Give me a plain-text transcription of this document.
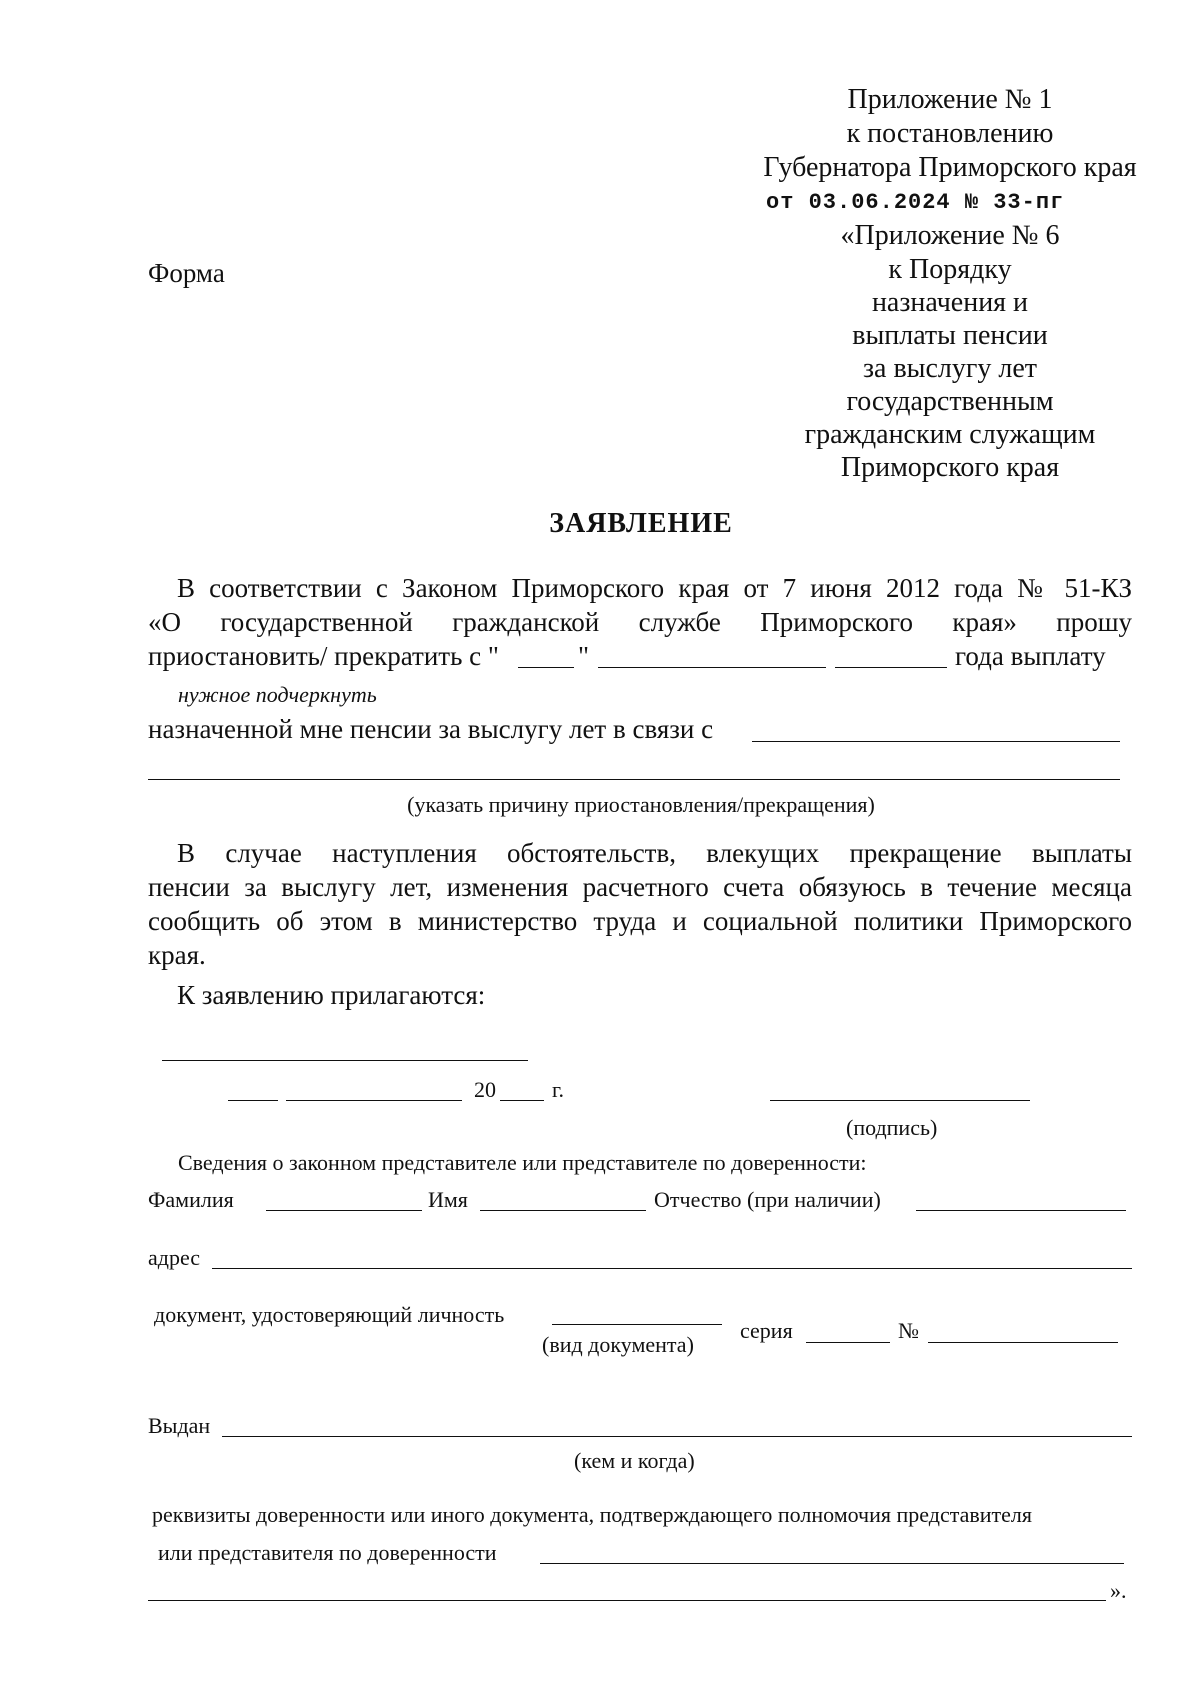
Приложение № 1
к постановлению
Губернатора Приморского края
от 03.06.2024 № 33-пг
«Приложение № 6
к Порядку
назначения и
выплаты пенсии
за выслугу лет
государственным
гражданским служащим
Приморского края
Форма
ЗАЯВЛЕНИЕ
В соответствии с Законом Приморского края от 7 июня 2012 года № 51-КЗ
«О государственной гражданской службе Приморского края» прошу
приостановить/ прекратить с "	"	года выплату
нужное подчеркнуть
назначенной мне пенсии за выслугу лет в связи с
(указать причину приостановления/прекращения)
В случае наступления обстоятельств, влекущих прекращение выплаты
пенсии за выслугу лет, изменения расчетного счета обязуюсь в течение месяца
сообщить об этом в министерство труда и социальной политики Приморского
края.
К заявлению прилагаются:
20	г.
(подпись)
Сведения о законном представителе или представителе по доверенности:
Фамилия	Имя	Отчество (при наличии)
адрес
документ, удостоверяющий личность
(вид документа)
серия	№
Выдан
(кем и когда)
реквизиты доверенности или иного документа, подтверждающего полномочия представителя
или представителя по доверенности
».
